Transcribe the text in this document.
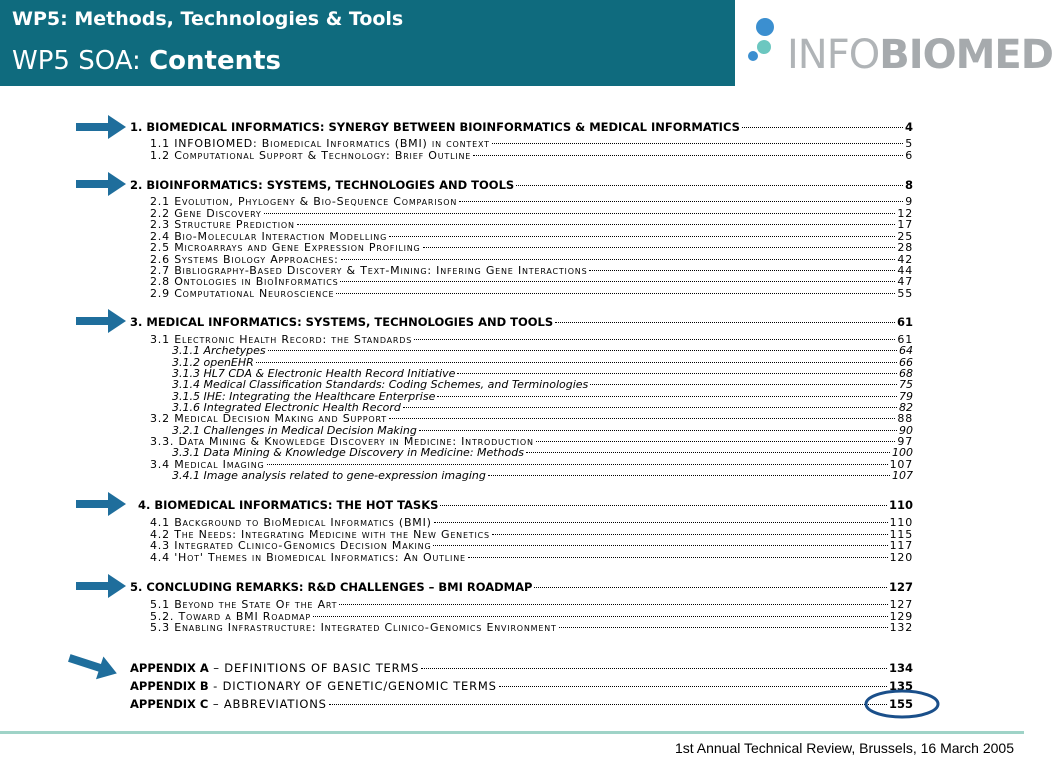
WP5: Methods, Technologies & Tools
WP5 SOA: Contents	INFOBIOMED
1. BIOMEDICAL INFORMATICS: SYNERGY BETWEEN BIOINFORMATICS & MEDICAL INFORMATICS	4
1.1 INFOBIOMED: Biomedical Informatics (BMI) in context	5
1.2 Computational Support & Technology: Brief Outline	6
2. BIOINFORMATICS: SYSTEMS, TECHNOLOGIES AND TOOLS	8
2.1 Evolution, Phylogeny & Bio-Sequence Comparison	9
2.2 Gene Discovery	12
2.3 Structure Prediction	17
2.4 Bio-Molecular Interaction Modelling	25
2.5 Microarrays and Gene Expression Profiling	28
2.6 Systems Biology Approaches:	42
2.7 Bibliography-Based Discovery & Text-Mining: Infering Gene Interactions	44
2.8 Ontologies in BioInformatics	47
2.9 Computational Neuroscience	55
3. MEDICAL INFORMATICS: SYSTEMS, TECHNOLOGIES AND TOOLS	61
3.1 Electronic Health Record: the Standards	61
3.1.1 Archetypes	64
3.1.2 openEHR	66
3.1.3 HL7 CDA & Electronic Health Record Initiative	68
3.1.4 Medical Classification Standards: Coding Schemes, and Terminologies	75
3.1.5 IHE: Integrating the Healthcare Enterprise	79
3.1.6 Integrated Electronic Health Record	82
3.2 Medical Decision Making and Support	88
3.2.1 Challenges in Medical Decision Making	90
3.3. Data Mining & Knowledge Discovery in Medicine: Introduction	97
3.3.1 Data Mining & Knowledge Discovery in Medicine: Methods	100
3.4 Medical Imaging	107
3.4.1 Image analysis related to gene-expression imaging	107
4. BIOMEDICAL INFORMATICS: THE HOT TASKS	110
4.1 Background to BioMedical Informatics (BMI)	110
4.2 The Needs: Integrating Medicine with the New Genetics	115
4.3 Integrated Clinico-Genomics Decision Making	117
4.4 'Hot' Themes in Biomedical Informatics: An Outline	120
5. CONCLUDING REMARKS: R&D CHALLENGES – BMI ROADMAP	127
5.1 Beyond the State Of the Art	127
5.2. Toward a BMI Roadmap	129
5.3 Enabling Infrastructure: Integrated Clinico-Genomics Environment	132
APPENDIX A – DEFINITIONS OF BASIC TERMS	134
APPENDIX B - DICTIONARY OF GENETIC/GENOMIC TERMS	135
APPENDIX C – ABBREVIATIONS	155
1st Annual Technical Review, Brussels, 16 March 2005
